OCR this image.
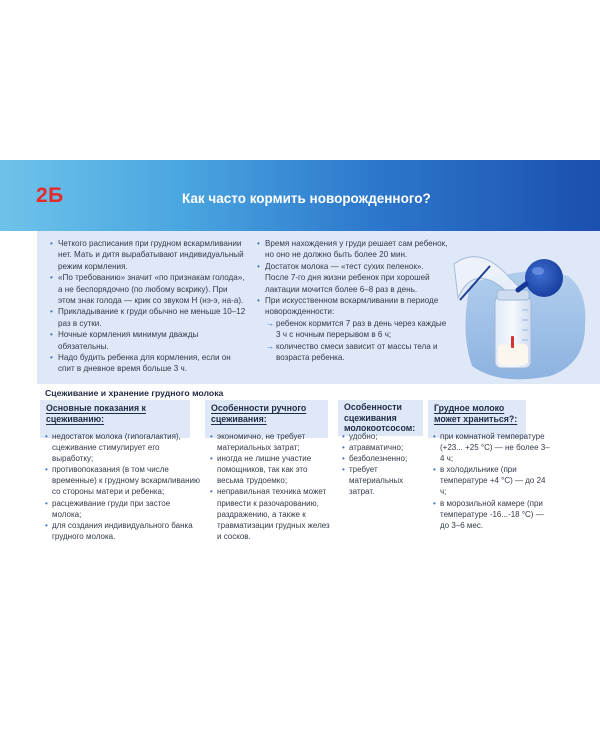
2Б	Как часто кормить новорожденного?
• Четкого расписания при грудном вскармливании нет. Мать и дитя вырабатывают индивидуальный режим кормления.
• «По требованию» значит «по признакам голода», а не беспорядочно (по любому вскрику). При этом знак голода — крик со звуком Н (нэ-э, на-а).
• Прикладывание к груди обычно не меньше 10–12 раз в сутки.
• Ночные кормления минимум дважды обязательны.
• Надо будить ребенка для кормления, если он спит в дневное время больше 3 ч.
• Время нахождения у груди решает сам ребенок, но оно не должно быть более 20 мин.
• Достаток молока — «тест сухих пеленок». После 7-го дня жизни ребенок при хорошей лактации мочится более 6–8 раз в день.
• При искусственном вскармливании в периоде новорожденности:
→ ребенок кормится 7 раз в день через каждые 3 ч с ночным перерывом в 6 ч;
→ количество смеси зависит от массы тела и возраста ребенка.
Сцеживание и хранение грудного молока

Основные показания к сцеживанию:

Особенности ручного сцеживания:

Особенности сцеживания молокоотсосом:

Грудное молоко может храниться?:

• недостаток молока (гипогалактия), сцеживание стимулирует его выработку;
• противопоказания (в том числе временные) к грудному вскармливанию со стороны матери и ребенка;
• расцеживание груди при застое молока;
• для создания индивидуального банка грудного молока.
• экономично, не требует материальных затрат;
• иногда не лишне участие помощников, так как это весьма трудоемко;
• неправильная техника может привести к разочарованию, раздражению, а также к травматизации грудных желез и сосков.
• удобно;
• атравматично;
• безболезненно;
• требует материальных затрат.
• при комнатной температуре (+23... +25 °C) — не более 3–4 ч;
• в холодильнике (при температуре +4 °C) — до 24 ч;
• в морозильной камере (при температуре -16...-18 °C) — до 3–6 мес.
